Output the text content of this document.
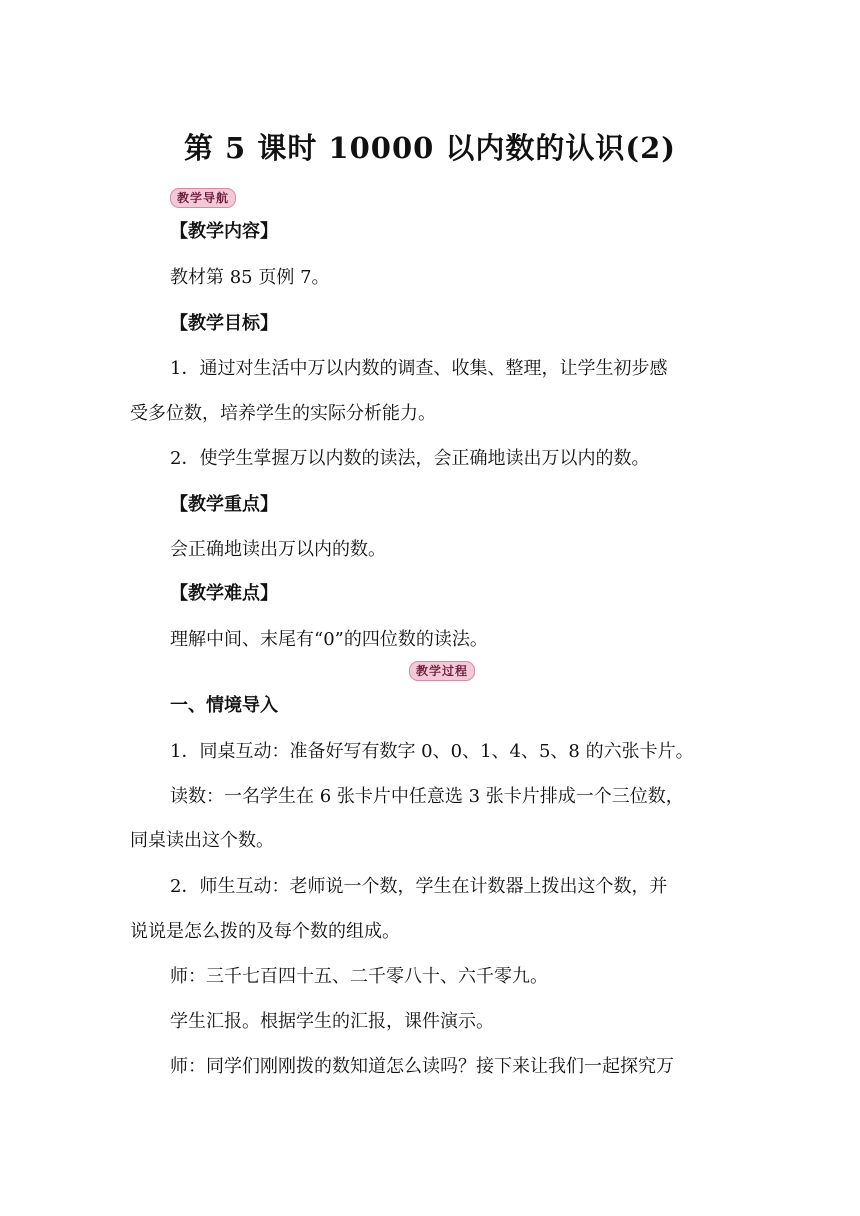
第 5 课时 10000 以内数的认识(2)
教学导航
【教学内容】
教材第 85 页例 7。
【教学目标】
1．通过对生活中万以内数的调查、收集、整理，让学生初步感
受多位数，培养学生的实际分析能力。
2．使学生掌握万以内数的读法，会正确地读出万以内的数。
【教学重点】
会正确地读出万以内的数。
【教学难点】
理解中间、末尾有“0”的四位数的读法。
教学过程
一、情境导入
1．同桌互动：准备好写有数字 0、0、1、4、5、8 的六张卡片。
读数：一名学生在 6 张卡片中任意选 3 张卡片排成一个三位数，
同桌读出这个数。
2．师生互动：老师说一个数，学生在计数器上拨出这个数，并
说说是怎么拨的及每个数的组成。
师：三千七百四十五、二千零八十、六千零九。
学生汇报。根据学生的汇报，课件演示。
师：同学们刚刚拨的数知道怎么读吗？接下来让我们一起探究万
